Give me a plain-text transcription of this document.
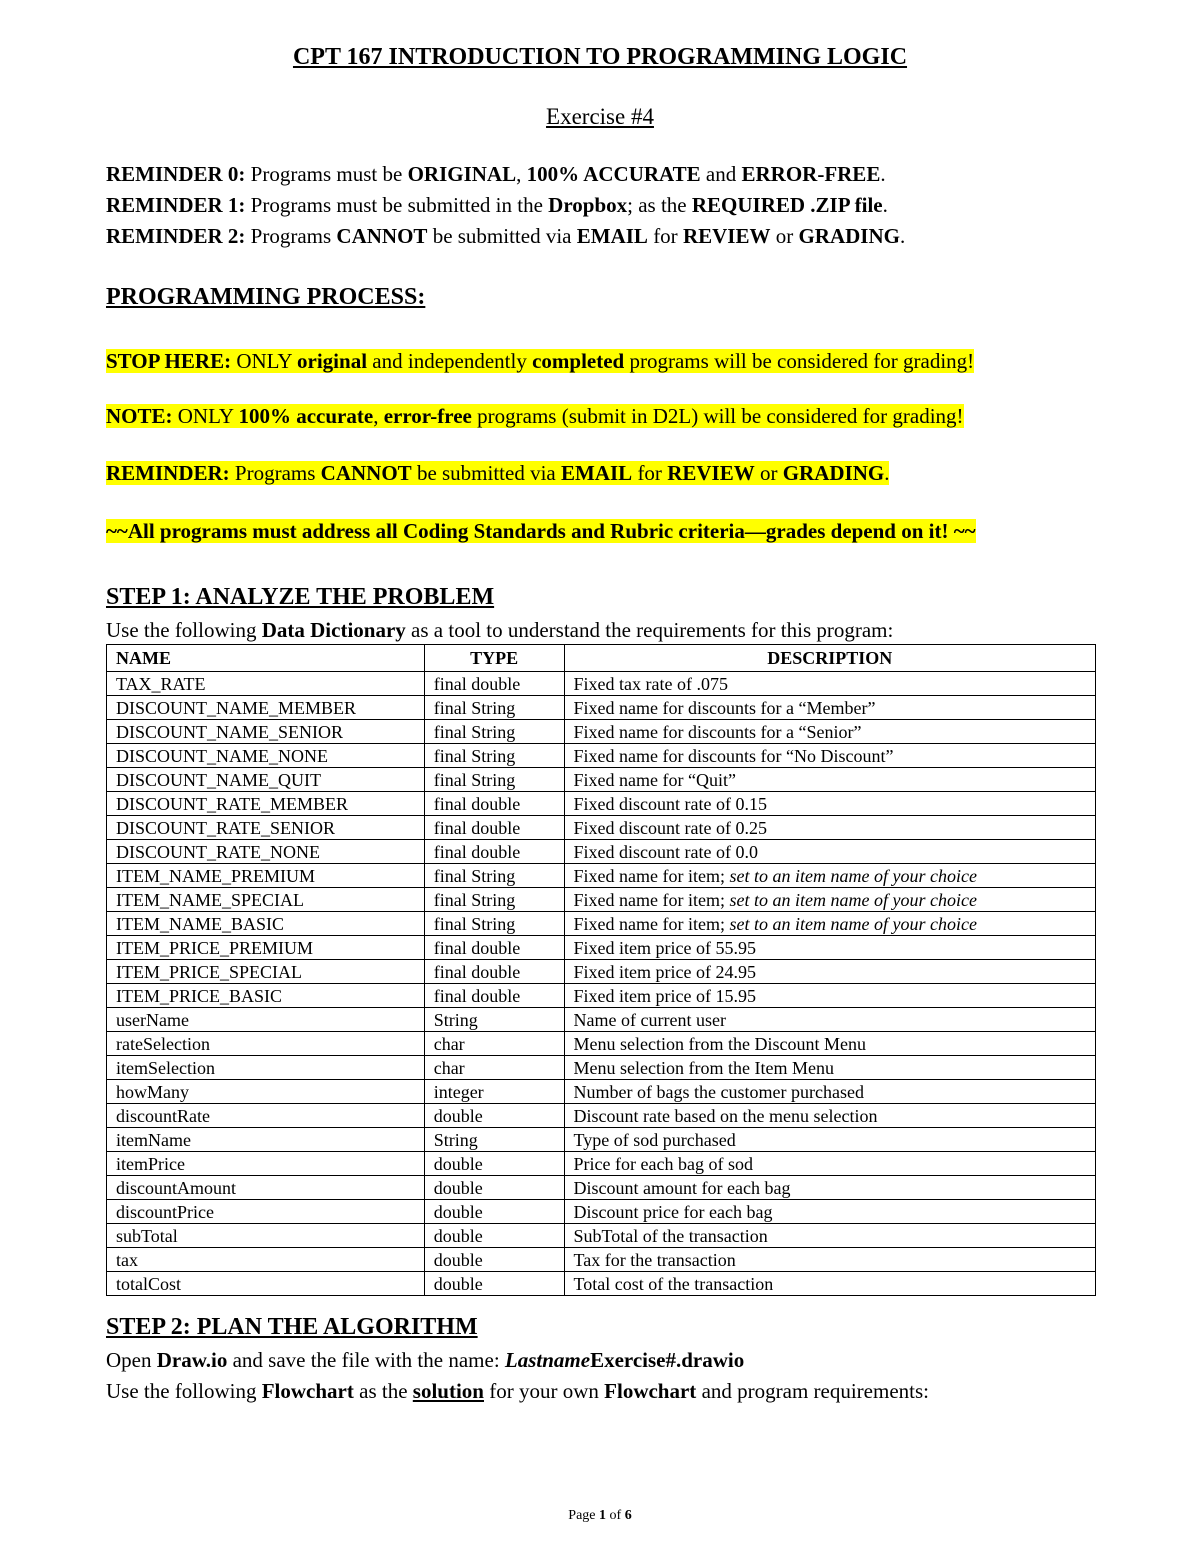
CPT 167 INTRODUCTION TO PROGRAMMING LOGIC
Exercise #4
REMINDER 0: Programs must be ORIGINAL, 100% ACCURATE and ERROR-FREE.
REMINDER 1: Programs must be submitted in the Dropbox; as the REQUIRED .ZIP file.
REMINDER 2: Programs CANNOT be submitted via EMAIL for REVIEW or GRADING.
PROGRAMMING PROCESS:
STOP HERE: ONLY original and independently completed programs will be considered for grading!
NOTE: ONLY 100% accurate, error-free programs (submit in D2L) will be considered for grading!
REMINDER: Programs CANNOT be submitted via EMAIL for REVIEW or GRADING.
~~All programs must address all Coding Standards and Rubric criteria—grades depend on it! ~~
STEP 1: ANALYZE THE PROBLEM
Use the following Data Dictionary as a tool to understand the requirements for this program:
NAME	TYPE	DESCRIPTION
TAX_RATE	final double	Fixed tax rate of .075
DISCOUNT_NAME_MEMBER	final String	Fixed name for discounts for a “Member”
DISCOUNT_NAME_SENIOR	final String	Fixed name for discounts for a “Senior”
DISCOUNT_NAME_NONE	final String	Fixed name for discounts for “No Discount”
DISCOUNT_NAME_QUIT	final String	Fixed name for “Quit”
DISCOUNT_RATE_MEMBER	final double	Fixed discount rate of 0.15
DISCOUNT_RATE_SENIOR	final double	Fixed discount rate of 0.25
DISCOUNT_RATE_NONE	final double	Fixed discount rate of 0.0
ITEM_NAME_PREMIUM	final String	Fixed name for item; set to an item name of your choice
ITEM_NAME_SPECIAL	final String	Fixed name for item; set to an item name of your choice
ITEM_NAME_BASIC	final String	Fixed name for item; set to an item name of your choice
ITEM_PRICE_PREMIUM	final double	Fixed item price of 55.95
ITEM_PRICE_SPECIAL	final double	Fixed item price of 24.95
ITEM_PRICE_BASIC	final double	Fixed item price of 15.95
userName	String	Name of current user
rateSelection	char	Menu selection from the Discount Menu
itemSelection	char	Menu selection from the Item Menu
howMany	integer	Number of bags the customer purchased
discountRate	double	Discount rate based on the menu selection
itemName	String	Type of sod purchased
itemPrice	double	Price for each bag of sod
discountAmount	double	Discount amount for each bag
discountPrice	double	Discount price for each bag
subTotal	double	SubTotal of the transaction
tax	double	Tax for the transaction
totalCost	double	Total cost of the transaction
STEP 2: PLAN THE ALGORITHM
Open Draw.io and save the file with the name: LastnameExercise#.drawio
Use the following Flowchart as the solution for your own Flowchart and program requirements:
Page 1 of 6
